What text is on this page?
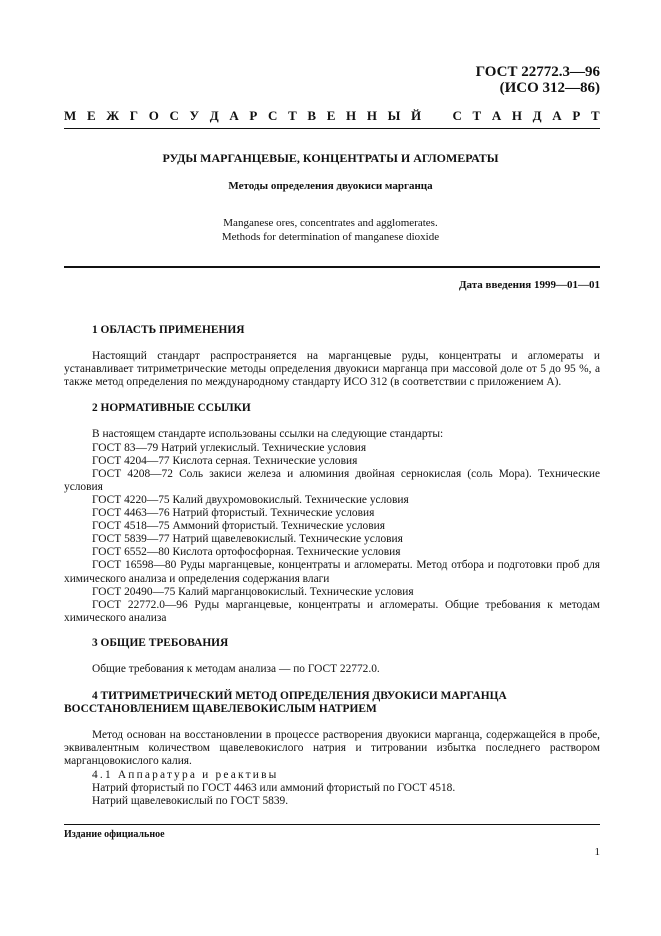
ГОСТ 22772.3—96
(ИСО 312—86)
М Е Ж Г О С У Д А Р С Т В Е Н Н Ы Й С Т А Н Д А Р Т
РУДЫ МАРГАНЦЕВЫЕ, КОНЦЕНТРАТЫ И АГЛОМЕРАТЫ
Методы определения двуокиси марганца
Manganese ores, concentrates and agglomerates.
Methods for determination of manganese dioxide
Дата введения 1999—01—01
1 ОБЛАСТЬ ПРИМЕНЕНИЯ

Настоящий стандарт распространяется на марганцевые руды, концентраты и агломераты и устанавливает титриметрические методы определения двуокиси марганца при массовой доле от 5 до 95 %, а также метод определения по международному стандарту ИСО 312 (в соответствии с приложением А).

2 НОРМАТИВНЫЕ ССЫЛКИ

В настоящем стандарте использованы ссылки на следующие стандарты:

ГОСТ 83—79 Натрий углекислый. Технические условия

ГОСТ 4204—77 Кислота серная. Технические условия

ГОСТ 4208—72 Соль закиси железа и алюминия двойная сернокислая (соль Мора). Технические условия

ГОСТ 4220—75 Калий двухромовокислый. Технические условия

ГОСТ 4463—76 Натрий фтористый. Технические условия

ГОСТ 4518—75 Аммоний фтористый. Технические условия

ГОСТ 5839—77 Натрий щавелевокислый. Технические условия

ГОСТ 6552—80 Кислота ортофосфорная. Технические условия

ГОСТ 16598—80 Руды марганцевые, концентраты и агломераты. Метод отбора и подготовки проб для химического анализа и определения содержания влаги

ГОСТ 20490—75 Калий марганцовокислый. Технические условия

ГОСТ 22772.0—96 Руды марганцевые, концентраты и агломераты. Общие требования к методам химического анализа

3 ОБЩИЕ ТРЕБОВАНИЯ

Общие требования к методам анализа — по ГОСТ 22772.0.

4 ТИТРИМЕТРИЧЕСКИЙ МЕТОД ОПРЕДЕЛЕНИЯ ДВУОКИСИ МАРГАНЦА
ВОССТАНОВЛЕНИЕМ ЩАВЕЛЕВОКИСЛЫМ НАТРИЕМ

Метод основан на восстановлении в процессе растворения двуокиси марганца, содержащейся в пробе, эквивалентным количеством щавелевокислого натрия и титровании избытка последнего раствором марганцовокислого калия.

4.1 Аппаратура и реактивы

Натрий фтористый по ГОСТ 4463 или аммоний фтористый по ГОСТ 4518.

Натрий щавелевокислый по ГОСТ 5839.

Издание официальное
1
